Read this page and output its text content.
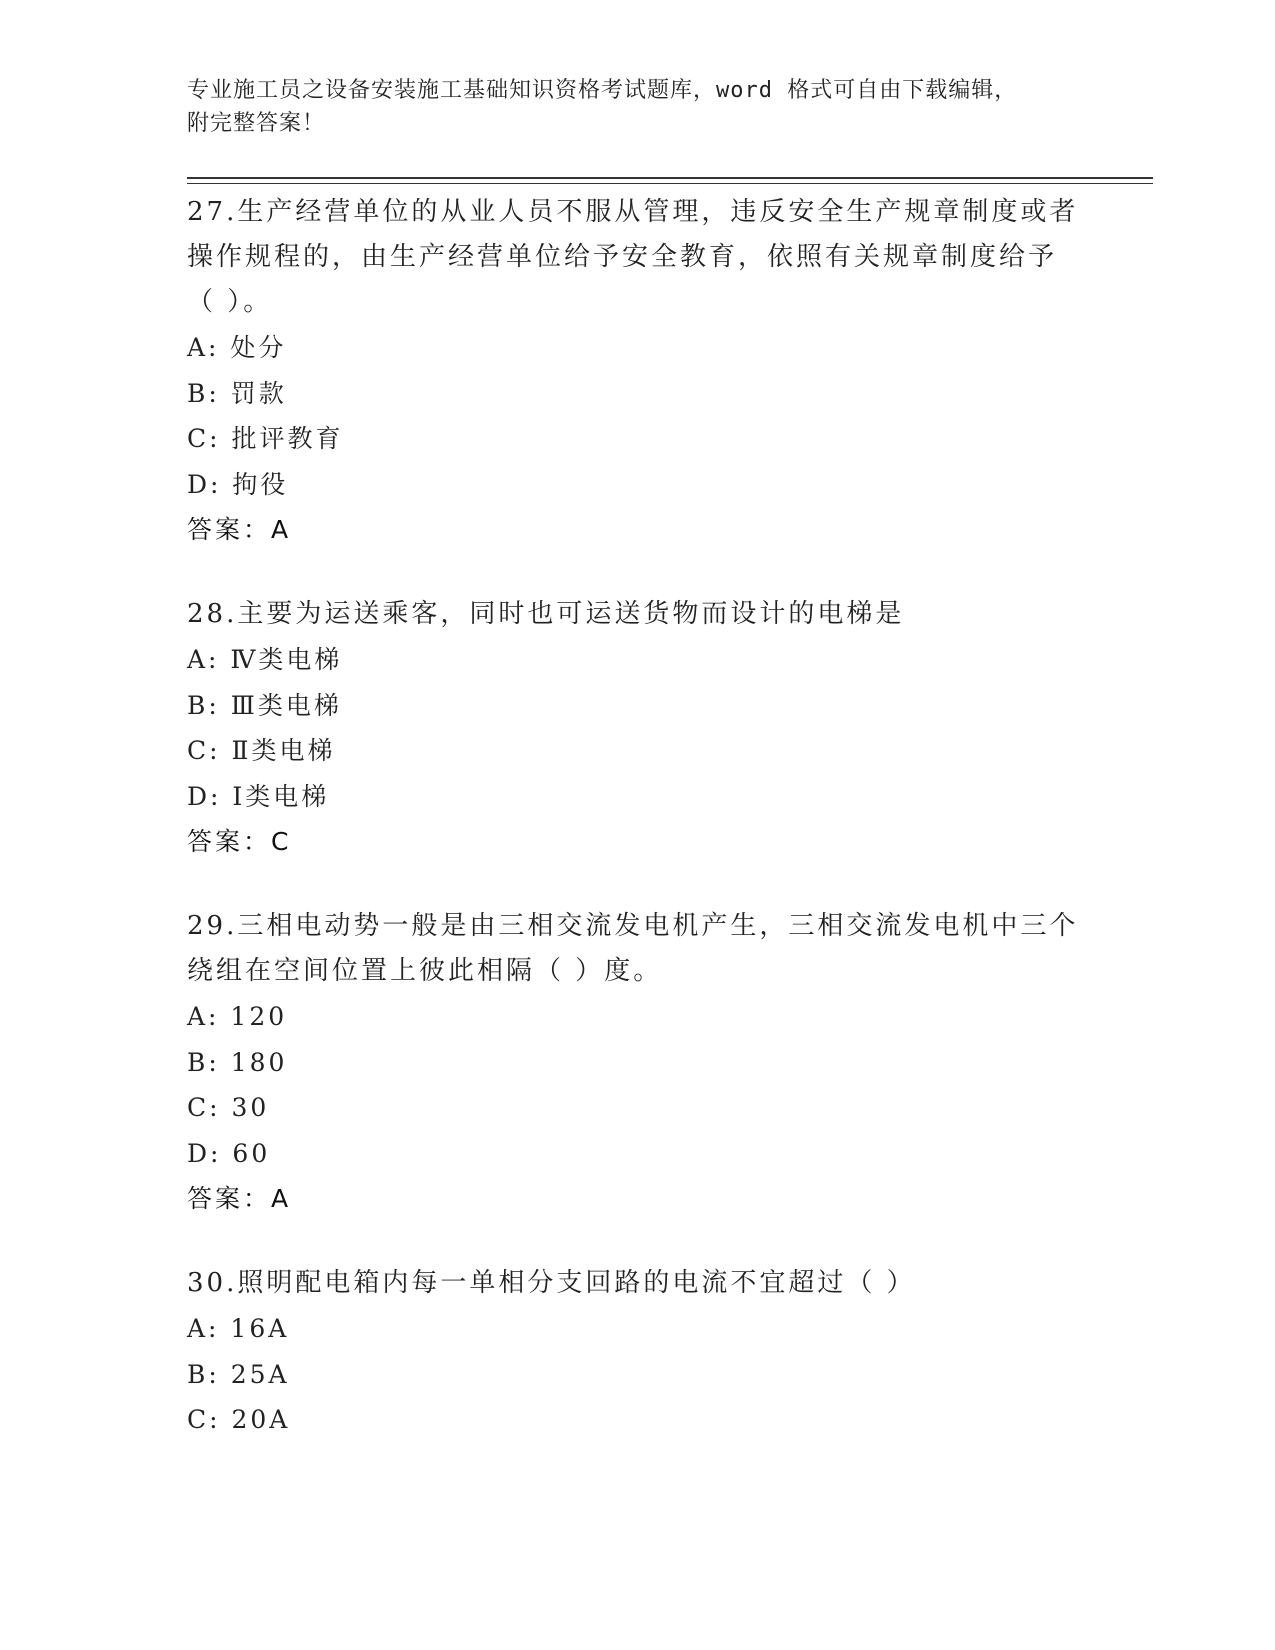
专业施工员之设备安装施工基础知识资格考试题库，word 格式可自由下载编辑，
附完整答案！
27.生产经营单位的从业人员不服从管理，违反安全生产规章制度或者
操作规程的，由生产经营单位给予安全教育，依照有关规章制度给予
（ ）。
A: 处分
B: 罚款
C: 批评教育
D: 拘役
答案：A
28.主要为运送乘客，同时也可运送货物而设计的电梯是
A: Ⅳ类电梯
B: Ⅲ类电梯
C: Ⅱ类电梯
D: Ⅰ类电梯
答案：C
29.三相电动势一般是由三相交流发电机产生，三相交流发电机中三个
绕组在空间位置上彼此相隔（ ）度。
A: 120
B: 180
C: 30
D: 60
答案：A
30.照明配电箱内每一单相分支回路的电流不宜超过（ ）
A: 16A
B: 25A
C: 20A
